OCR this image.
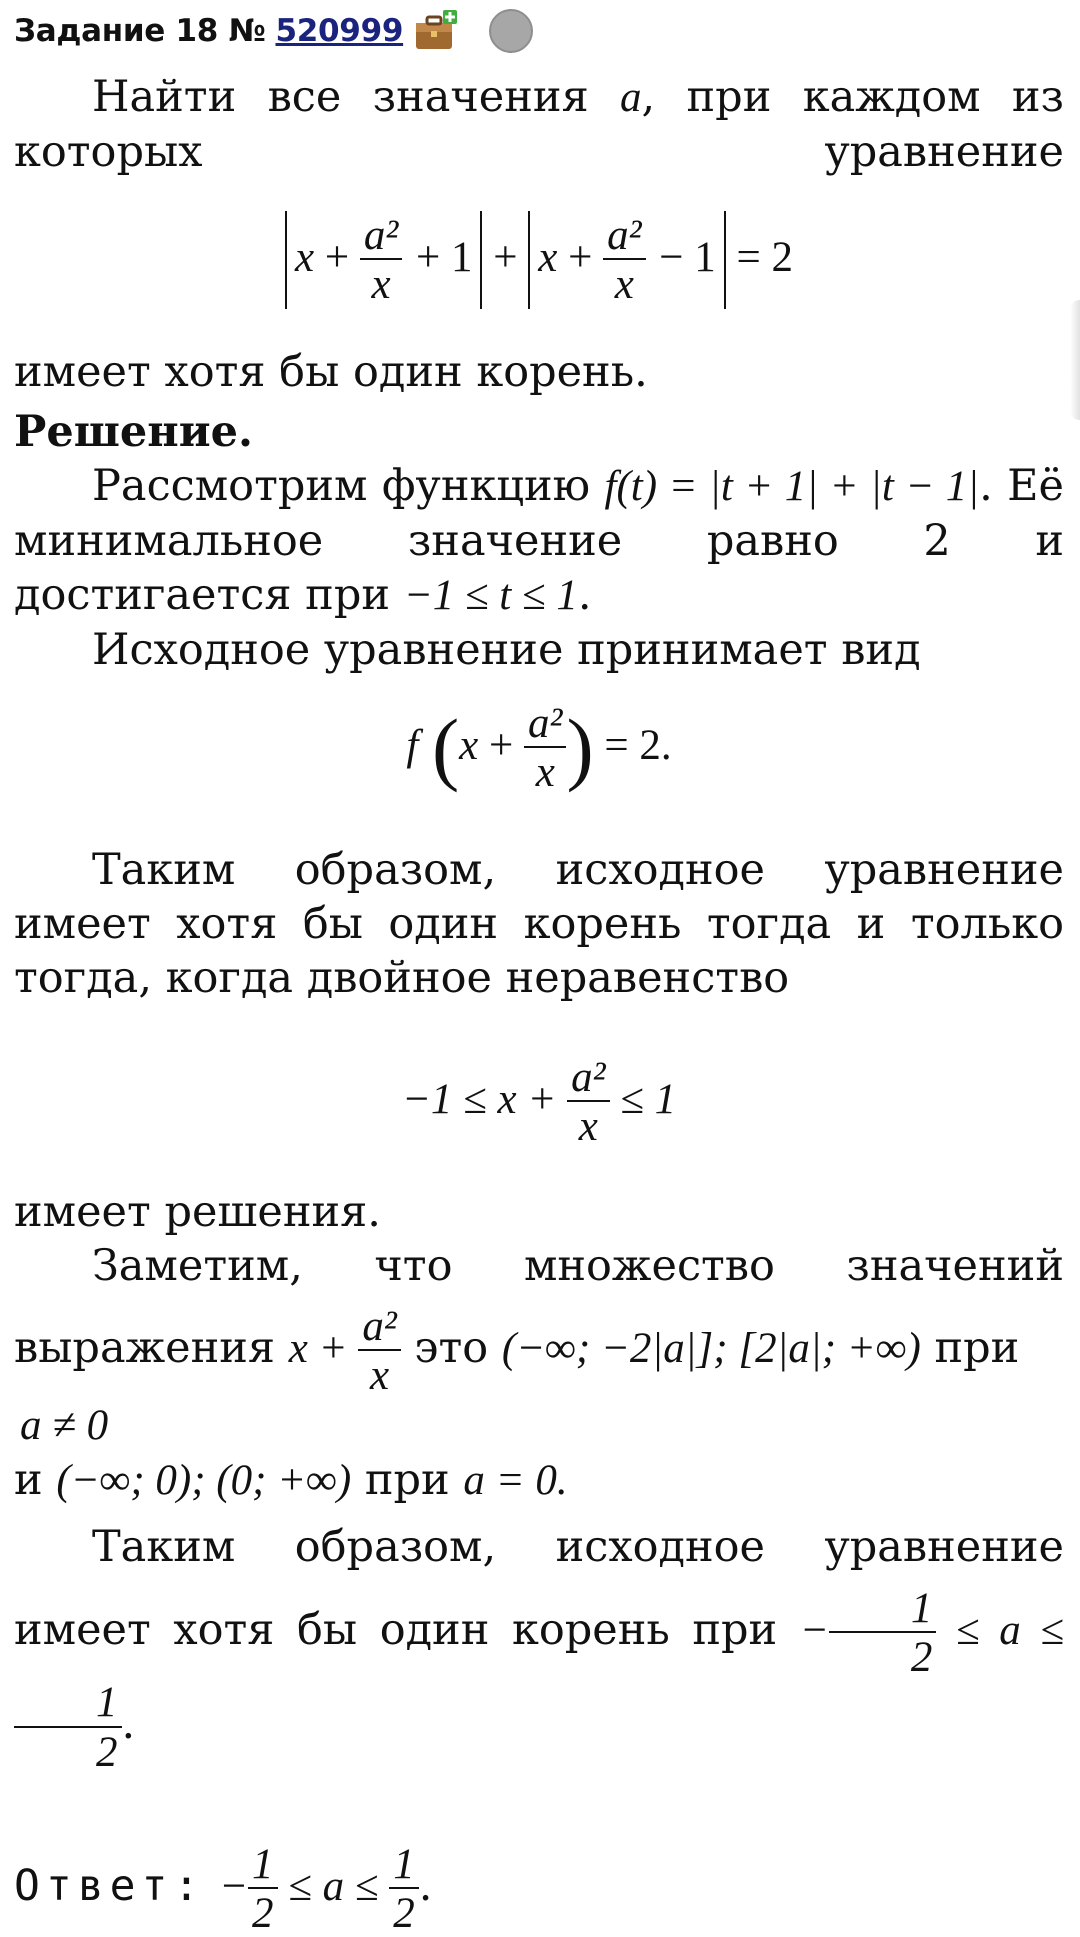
Задание 18 № 520999

Найти все значения a, при каждом из которых уравнение

$x + \frac{\text{a²}}{x} + 1 + x + \frac{\text{a²}}{x} - 1 = 2$

имеет хотя бы один корень.

Решение.

Рассмотрим функцию f(t) = |t + 1| + |t − 1|. Её минимальное значение равно 2 и достигается при −1 ≤ t ≤ 1.

Исходное уравнение принимает вид

f ($x + \frac{\text{a²}}{x}$ ) = 2.

Таким образом, исходное уравнение имеет хотя бы один корень тогда и только тогда, когда двойное неравенство

$-1 \le x + \frac{\text{a²}}{x} \le 1$

имеет решения.

Заметим, что множество значений

выражения $x + \frac{\text{a²}}{x}$ это (−∞; −2|a|]; [2|a|; +∞) при

a ≠ 0

и (−∞; 0); (0; +∞) при a = 0.

Таким образом, исходное уравнение имеет хотя бы один корень при − $\frac{1}{2} \le a$ ≤
$\frac{1}{2}$ .

Ответ: − $\frac{1}{2} \le a \le \frac{1}{2}$ .
